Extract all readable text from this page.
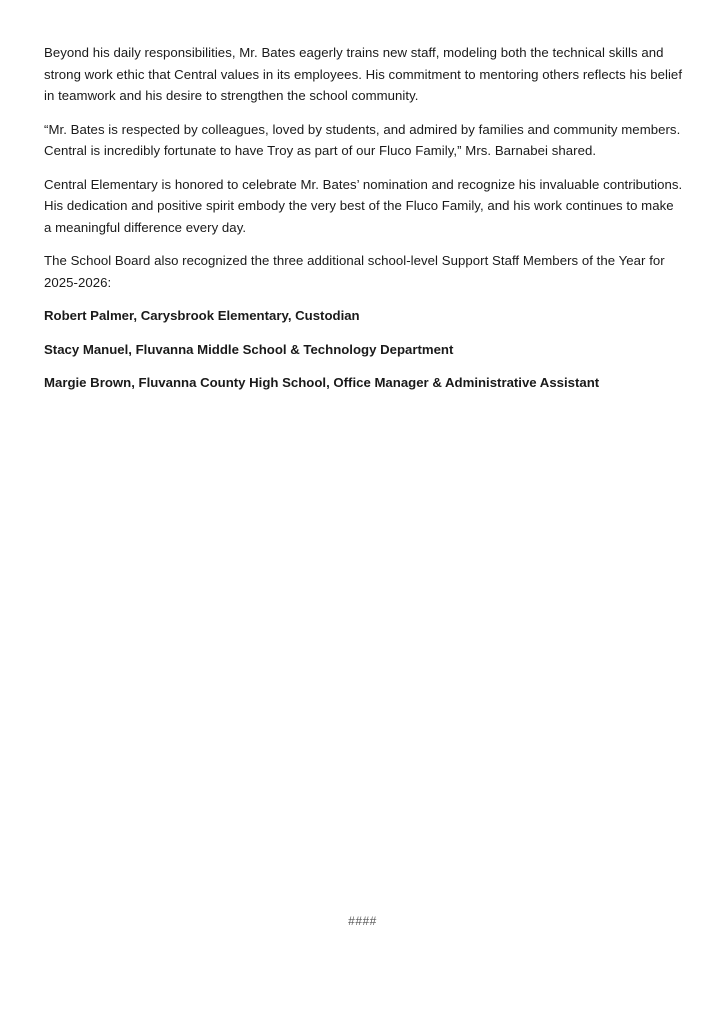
Beyond his daily responsibilities, Mr. Bates eagerly trains new staff, modeling both the technical skills and strong work ethic that Central values in its employees. His commitment to mentoring others reflects his belief in teamwork and his desire to strengthen the school community.

“Mr. Bates is respected by colleagues, loved by students, and admired by families and community members. Central is incredibly fortunate to have Troy as part of our Fluco Family,” Mrs. Barnabei shared.

Central Elementary is honored to celebrate Mr. Bates’ nomination and recognize his invaluable contributions. His dedication and positive spirit embody the very best of the Fluco Family, and his work continues to make a meaningful difference every day.

The School Board also recognized the three additional school-level Support Staff Members of the Year for 2025-2026:

Robert Palmer, Carysbrook Elementary, Custodian

Stacy Manuel, Fluvanna Middle School & Technology Department

Margie Brown, Fluvanna County High School, Office Manager & Administrative Assistant

####
